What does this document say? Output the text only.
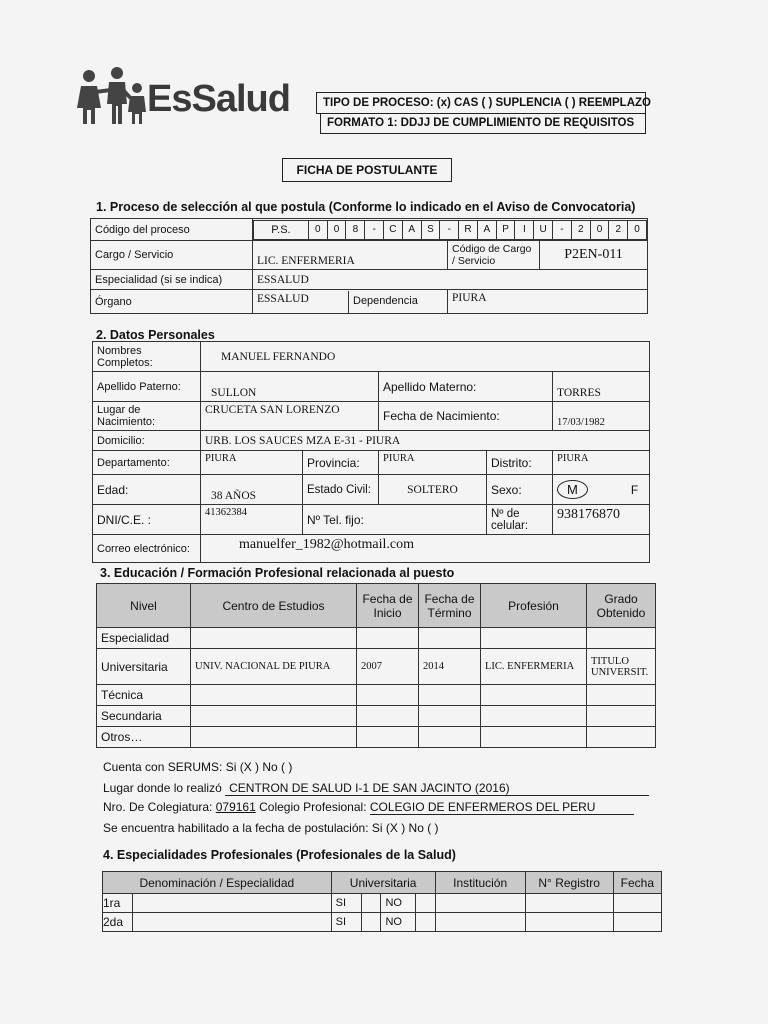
EsSalud	TIPO DE PROCESO: (x) CAS ( ) SUPLENCIA ( ) REEMPLAZO
FORMATO 1: DDJJ DE CUMPLIMIENTO DE REQUISITOS
FICHA DE POSTULANTE
1. Proceso de selección al que postula (Conforme lo indicado en el Aviso de Convocatoria)
Código del proceso		P.S.	0	0	8	-	C	A	S	-	R	A	P	I	U	-	2	0	2	0

Cargo / Servicio	LIC. ENFERMERIA	Código de Cargo / Servicio	P2EN-011
Especialidad (si se indica)	ESSALUD
Órgano	ESSALUD	Dependencia	PIURA
2. Datos Personales
Nombres Completos:	MANUEL FERNANDO				
Apellido Paterno:	SULLON		Apellido Materno:		TORRES
Lugar de Nacimiento:	CRUCETA SAN LORENZO		Fecha de Nacimiento:		17/03/1982
Domicilio:	URB. LOS SAUCES MZA E-31 - PIURA				
Departamento:	PIURA	Provincia:	PIURA	Distrito:	PIURA
Edad:	38 AÑOS	Estado Civil:	SOLTERO	Sexo:	M F
DNI/C.E. :	41362384	Nº Tel. fijo:		Nº de celular:	938176870
Correo electrónico:	manuelfer_1982@hotmail.com				
3. Educación / Formación Profesional relacionada al puesto
Nivel	Centro de Estudios	Fecha de Inicio	Fecha de Término	Profesión	Grado Obtenido
Especialidad					
Universitaria	UNIV. NACIONAL DE PIURA	2007	2014	LIC. ENFERMERIA	TITULO UNIVERSIT.
Técnica					
Secundaria					
Otros…					
Cuenta con SERUMS: Si (X ) No ( )
Lugar donde lo realizó CENTRON DE SALUD I-1 DE SAN JACINTO (2016)
Nro. De Colegiatura: 079161 Colegio Profesional: COLEGIO DE ENFERMEROS DEL PERU
Se encuentra habilitado a la fecha de postulación: Si (X ) No ( )
4. Especialidades Profesionales (Profesionales de la Salud)
Denominación / Especialidad		Universitaria				Institución	N° Registro	Fecha
1ra		SI		NO				
2da		SI		NO				
